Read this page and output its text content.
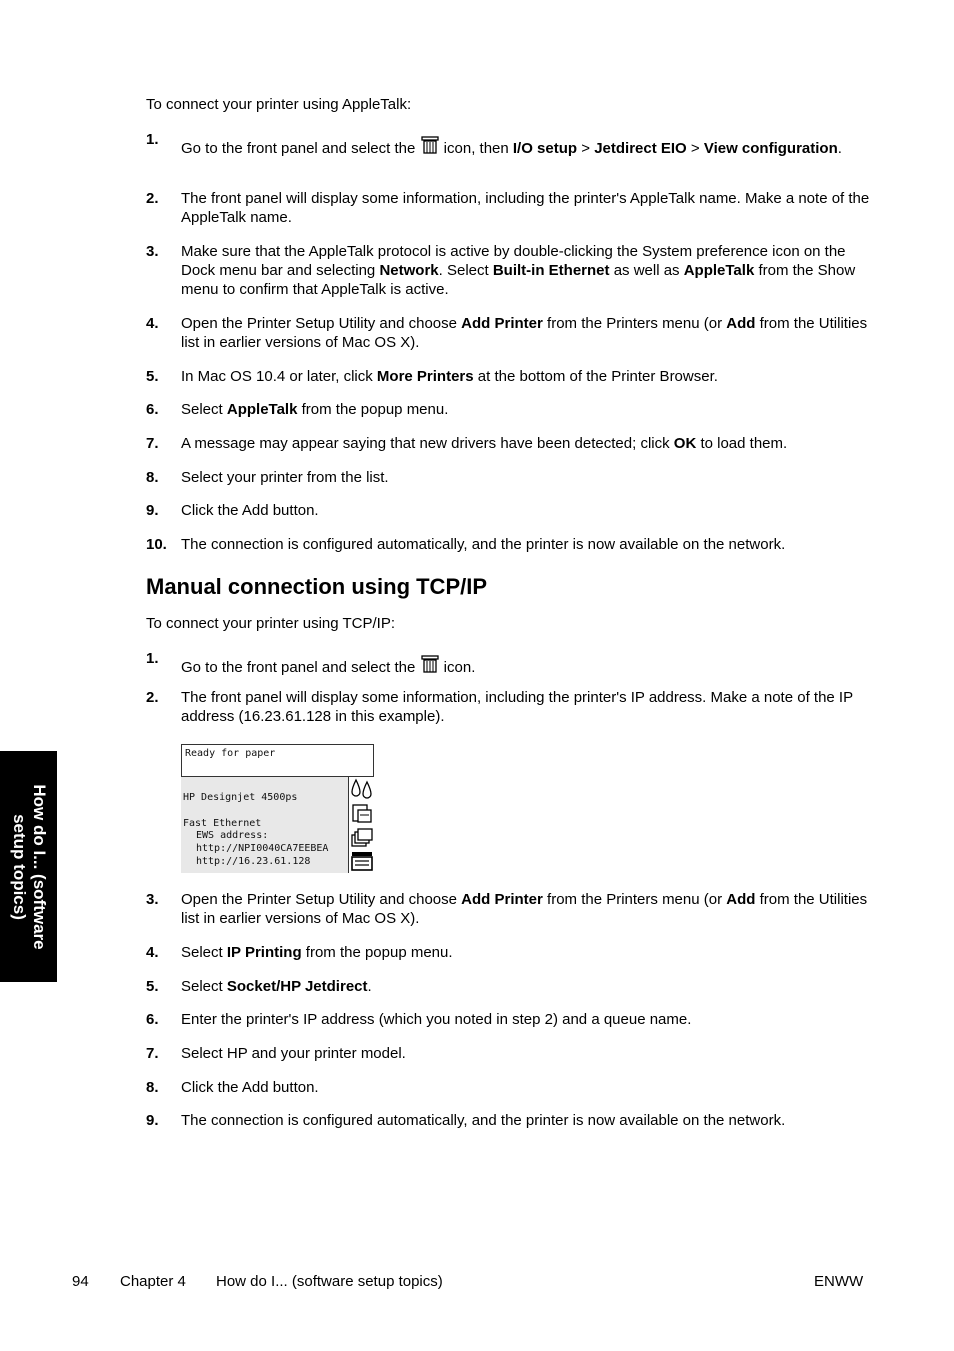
To connect your printer using AppleTalk:
1.
Go to the front panel and select the icon, then I/O setup > Jetdirect EIO > View configuration.
2. The front panel will display some information, including the printer's AppleTalk name. Make a note of the AppleTalk name.
3. Make sure that the AppleTalk protocol is active by double-clicking the System preference icon on the Dock menu bar and selecting Network. Select Built-in Ethernet as well as AppleTalk from the Show menu to confirm that AppleTalk is active.
4. Open the Printer Setup Utility and choose Add Printer from the Printers menu (or Add from the Utilities list in earlier versions of Mac OS X).
5. In Mac OS 10.4 or later, click More Printers at the bottom of the Printer Browser.
6. Select AppleTalk from the popup menu.
7. A message may appear saying that new drivers have been detected; click OK to load them.
8. Select your printer from the list.
9. Click the Add button.
10. The connection is configured automatically, and the printer is now available on the network.
Manual connection using TCP/IP
To connect your printer using TCP/IP:
1.
Go to the front panel and select the icon.
2. The front panel will display some information, including the printer's IP address. Make a note of the IP address (16.23.61.128 in this example).
Ready for paper
HP Designjet 4500ps
Fast Ethernet
EWS address:
http://NPI0040CA7EEBEA
http://16.23.61.128
3. Open the Printer Setup Utility and choose Add Printer from the Printers menu (or Add from the Utilities list in earlier versions of Mac OS X).
4. Select IP Printing from the popup menu.
5. Select Socket/HP Jetdirect.
6. Enter the printer's IP address (which you noted in step 2) and a queue name.
7. Select HP and your printer model.
8. Click the Add button.
9. The connection is configured automatically, and the printer is now available on the network.
How do I... (software
setup topics)
94 Chapter 4 How do I... (software setup topics)	ENWW
